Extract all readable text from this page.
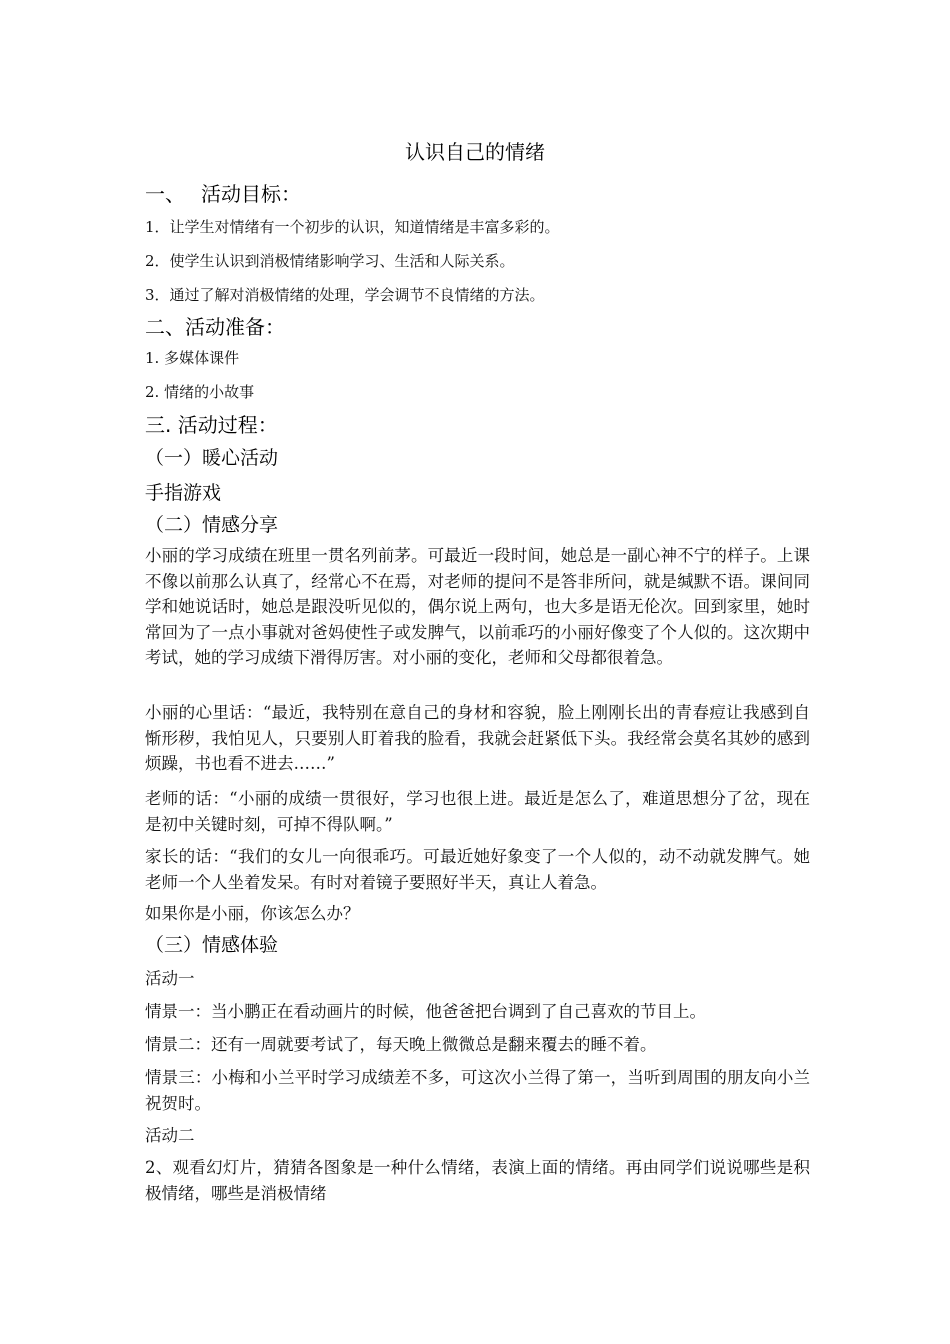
认识自己的情绪
一、 活动目标：
1．让学生对情绪有一个初步的认识，知道情绪是丰富多彩的。
2．使学生认识到消极情绪影响学习、生活和人际关系。
3．通过了解对消极情绪的处理，学会调节不良情绪的方法。
二、活动准备：
1. 多媒体课件
2. 情绪的小故事
三. 活动过程：
（一）暖心活动
手指游戏
（二）情感分享
小丽的学习成绩在班里一贯名列前茅。可最近一段时间，她总是一副心神不宁的样子。上课不像以前那么认真了，经常心不在焉，对老师的提问不是答非所问，就是缄默不语。课间同学和她说话时，她总是跟没听见似的，偶尔说上两句，也大多是语无伦次。回到家里，她时常回为了一点小事就对爸妈使性子或发脾气，以前乖巧的小丽好像变了个人似的。这次期中考试，她的学习成绩下滑得厉害。对小丽的变化，老师和父母都很着急。
小丽的心里话：“最近，我特别在意自己的身材和容貌，脸上刚刚长出的青春痘让我感到自惭形秽，我怕见人，只要别人盯着我的脸看，我就会赶紧低下头。我经常会莫名其妙的感到烦躁，书也看不进去……”
老师的话：“小丽的成绩一贯很好，学习也很上进。最近是怎么了，难道思想分了岔，现在是初中关键时刻，可掉不得队啊。”
家长的话：“我们的女儿一向很乖巧。可最近她好象变了一个人似的，动不动就发脾气。她老师一个人坐着发呆。有时对着镜子要照好半天，真让人着急。
如果你是小丽，你该怎么办？
（三）情感体验
活动一
情景一：当小鹏正在看动画片的时候，他爸爸把台调到了自己喜欢的节目上。
情景二：还有一周就要考试了，每天晚上微微总是翻来覆去的睡不着。
情景三：小梅和小兰平时学习成绩差不多，可这次小兰得了第一，当听到周围的朋友向小兰祝贺时。
活动二
2、观看幻灯片，猜猜各图象是一种什么情绪，表演上面的情绪。再由同学们说说哪些是积极情绪，哪些是消极情绪
